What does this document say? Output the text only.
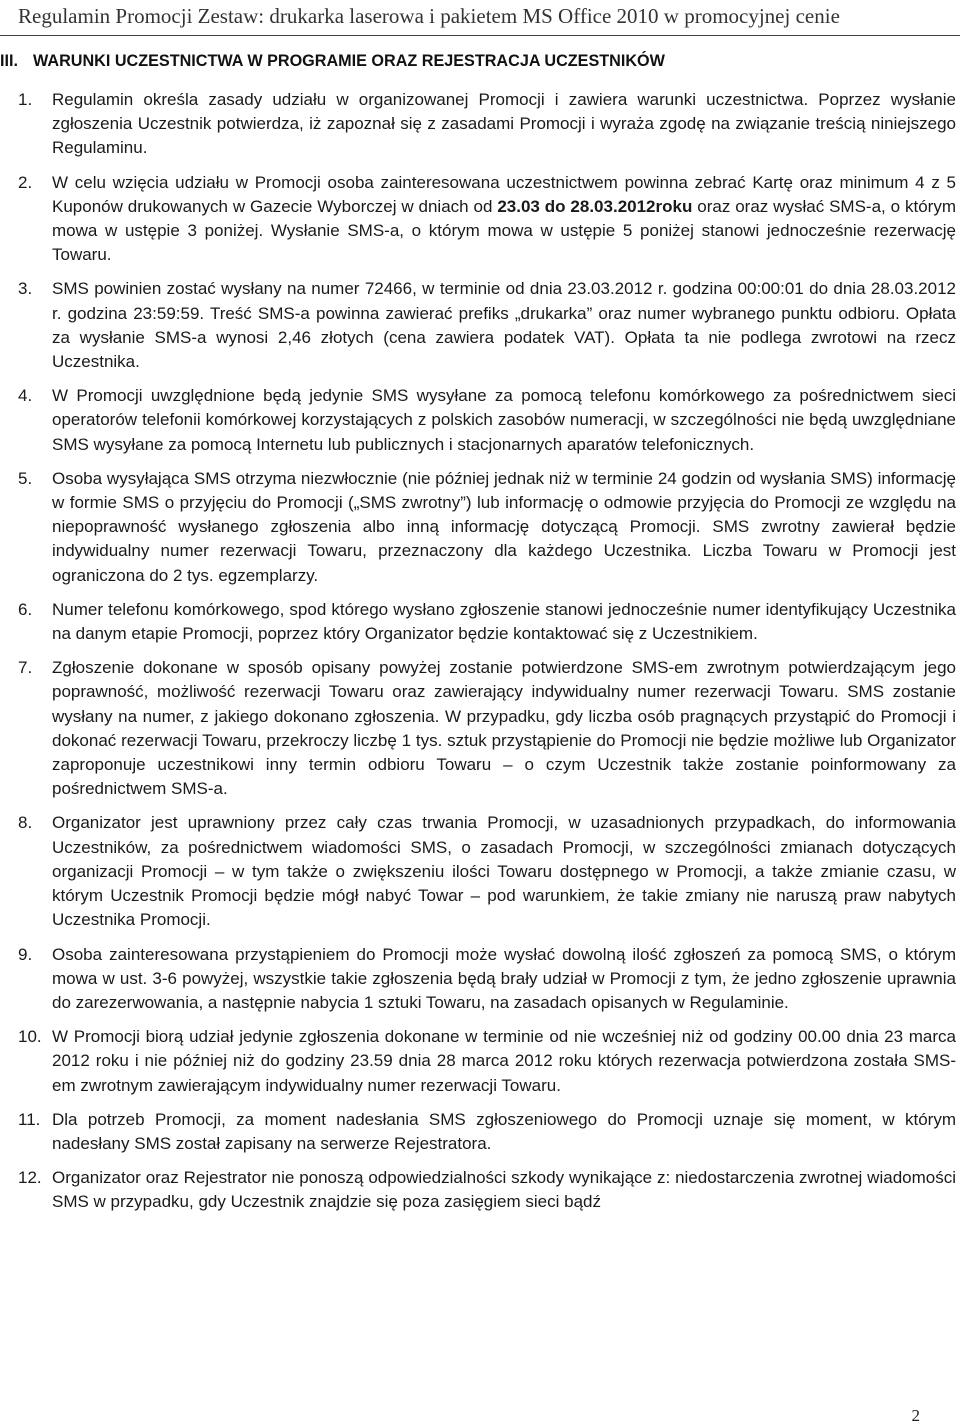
Regulamin Promocji Zestaw: drukarka laserowa i pakietem MS Office 2010 w promocyjnej cenie
III. WARUNKI UCZESTNICTWA W PROGRAMIE ORAZ REJESTRACJA UCZESTNIKÓW
1. Regulamin określa zasady udziału w organizowanej Promocji i zawiera warunki uczestnictwa. Poprzez wysłanie zgłoszenia Uczestnik potwierdza, iż zapoznał się z zasadami Promocji i wyraża zgodę na związanie treścią niniejszego Regulaminu.
2. W celu wzięcia udziału w Promocji osoba zainteresowana uczestnictwem powinna zebrać Kartę oraz minimum 4 z 5 Kuponów drukowanych w Gazecie Wyborczej w dniach od 23.03 do 28.03.2012roku oraz oraz wysłać SMS-a, o którym mowa w ustępie 3 poniżej. Wysłanie SMS-a, o którym mowa w ustępie 5 poniżej stanowi jednocześnie rezerwację Towaru.
3. SMS powinien zostać wysłany na numer 72466, w terminie od dnia 23.03.2012 r. godzina 00:00:01 do dnia 28.03.2012 r. godzina 23:59:59. Treść SMS-a powinna zawierać prefiks „drukarka” oraz numer wybranego punktu odbioru. Opłata za wysłanie SMS-a wynosi 2,46 złotych (cena zawiera podatek VAT). Opłata ta nie podlega zwrotowi na rzecz Uczestnika.
4. W Promocji uwzględnione będą jedynie SMS wysyłane za pomocą telefonu komórkowego za pośrednictwem sieci operatorów telefonii komórkowej korzystających z polskich zasobów numeracji, w szczególności nie będą uwzględniane SMS wysyłane za pomocą Internetu lub publicznych i stacjonarnych aparatów telefonicznych.
5. Osoba wysyłająca SMS otrzyma niezwłocznie (nie później jednak niż w terminie 24 godzin od wysłania SMS) informację w formie SMS o przyjęciu do Promocji („SMS zwrotny”) lub informację o odmowie przyjęcia do Promocji ze względu na niepoprawność wysłanego zgłoszenia albo inną informację dotyczącą Promocji. SMS zwrotny zawierał będzie indywidualny numer rezerwacji Towaru, przeznaczony dla każdego Uczestnika. Liczba Towaru w Promocji jest ograniczona do 2 tys. egzemplarzy.
6. Numer telefonu komórkowego, spod którego wysłano zgłoszenie stanowi jednocześnie numer identyfikujący Uczestnika na danym etapie Promocji, poprzez który Organizator będzie kontaktować się z Uczestnikiem.
7. Zgłoszenie dokonane w sposób opisany powyżej zostanie potwierdzone SMS-em zwrotnym potwierdzającym jego poprawność, możliwość rezerwacji Towaru oraz zawierający indywidualny numer rezerwacji Towaru. SMS zostanie wysłany na numer, z jakiego dokonano zgłoszenia. W przypadku, gdy liczba osób pragnących przystąpić do Promocji i dokonać rezerwacji Towaru, przekroczy liczbę 1 tys. sztuk przystąpienie do Promocji nie będzie możliwe lub Organizator zaproponuje uczestnikowi inny termin odbioru Towaru – o czym Uczestnik także zostanie poinformowany za pośrednictwem SMS-a.
8. Organizator jest uprawniony przez cały czas trwania Promocji, w uzasadnionych przypadkach, do informowania Uczestników, za pośrednictwem wiadomości SMS, o zasadach Promocji, w szczególności zmianach dotyczących organizacji Promocji – w tym także o zwiększeniu ilości Towaru dostępnego w Promocji, a także zmianie czasu, w którym Uczestnik Promocji będzie mógł nabyć Towar – pod warunkiem, że takie zmiany nie naruszą praw nabytych Uczestnika Promocji.
9. Osoba zainteresowana przystąpieniem do Promocji może wysłać dowolną ilość zgłoszeń za pomocą SMS, o którym mowa w ust. 3-6 powyżej, wszystkie takie zgłoszenia będą brały udział w Promocji z tym, że jedno zgłoszenie uprawnia do zarezerwowania, a następnie nabycia 1 sztuki Towaru, na zasadach opisanych w Regulaminie.
10. W Promocji biorą udział jedynie zgłoszenia dokonane w terminie od nie wcześniej niż od godziny 00.00 dnia 23 marca 2012 roku i nie później niż do godziny 23.59 dnia 28 marca 2012 roku których rezerwacja potwierdzona została SMS-em zwrotnym zawierającym indywidualny numer rezerwacji Towaru.
11. Dla potrzeb Promocji, za moment nadesłania SMS zgłoszeniowego do Promocji uznaje się moment, w którym nadesłany SMS został zapisany na serwerze Rejestratora.
12. Organizator oraz Rejestrator nie ponoszą odpowiedzialności szkody wynikające z: niedostarczenia zwrotnej wiadomości SMS w przypadku, gdy Uczestnik znajdzie się poza zasięgiem sieci bądź
2
